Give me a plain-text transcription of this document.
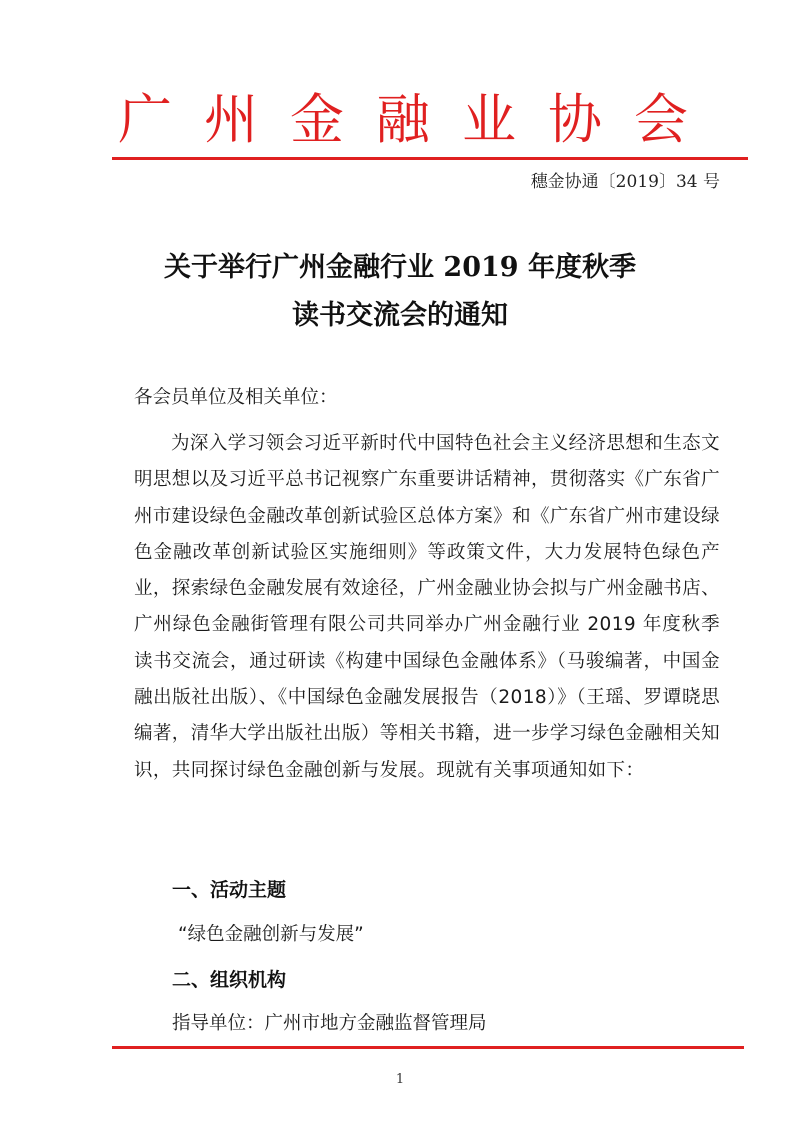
广州金融业协会
穗金协通〔2019〕34 号
关于举行广州金融行业 2019 年度秋季
读书交流会的通知
各会员单位及相关单位：
为深入学习领会习近平新时代中国特色社会主义经济思想和生态文明思想以及习近平总书记视察广东重要讲话精神，贯彻落实《广东省广州市建设绿色金融改革创新试验区总体方案》和《广东省广州市建设绿色金融改革创新试验区实施细则》等政策文件，大力发展特色绿色产业，探索绿色金融发展有效途径，广州金融业协会拟与广州金融书店、广州绿色金融街管理有限公司共同举办广州金融行业 2019 年度秋季读书交流会，通过研读《构建中国绿色金融体系》（马骏编著，中国金融出版社出版）、《中国绿色金融发展报告（2018）》（王瑶、罗谭晓思编著，清华大学出版社出版）等相关书籍，进一步学习绿色金融相关知识，共同探讨绿色金融创新与发展。现就有关事项通知如下：
一、活动主题
“绿色金融创新与发展”
二、组织机构
指导单位：广州市地方金融监督管理局
1
